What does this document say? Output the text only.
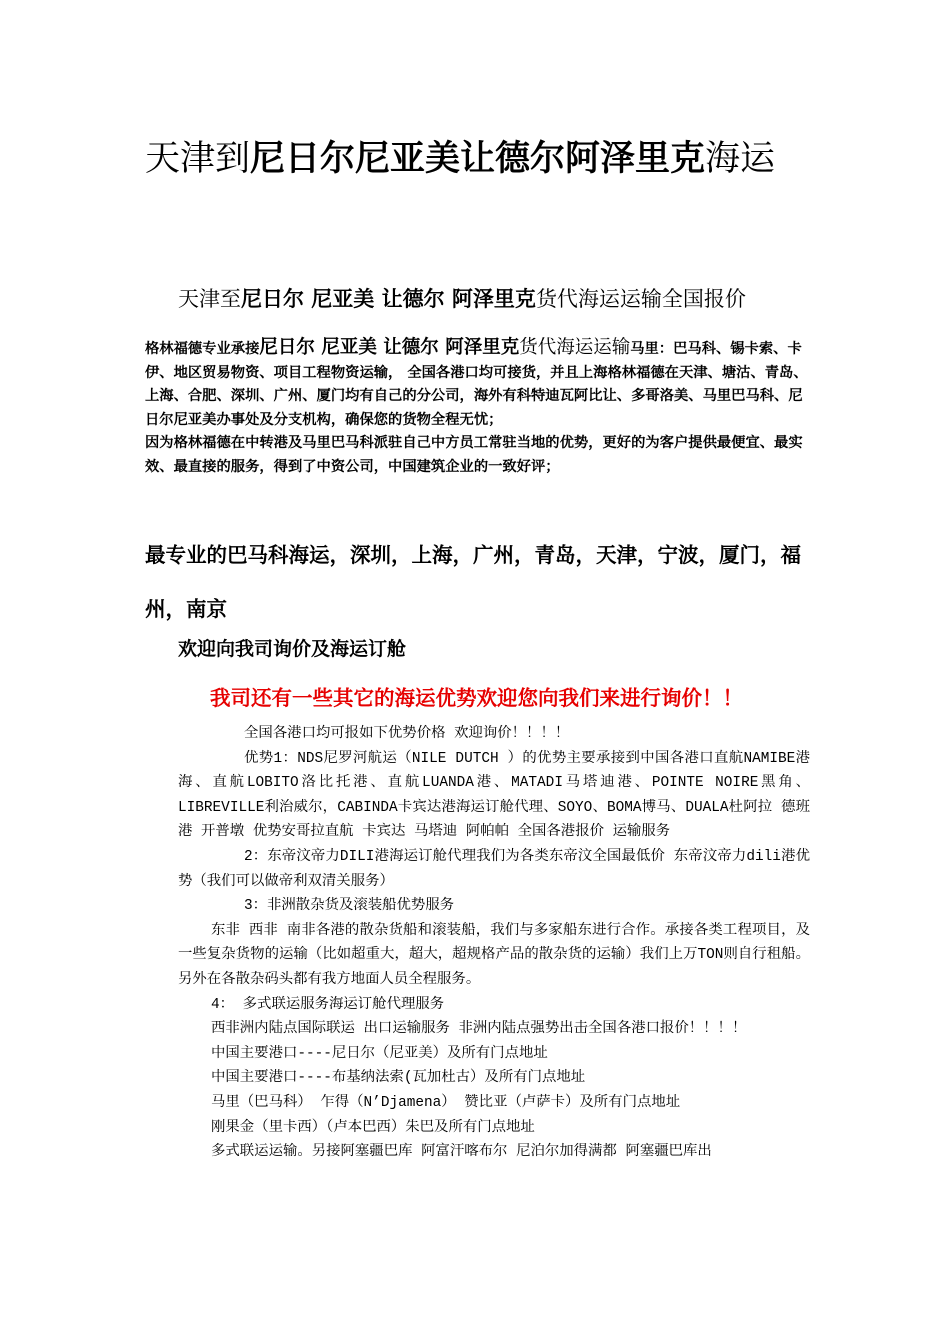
天津到尼日尔尼亚美让德尔阿泽里克海运
天津至尼日尔 尼亚美 让德尔 阿泽里克货代海运运输全国报价
格林福德专业承接尼日尔 尼亚美 让德尔 阿泽里克货代海运运输马里：巴马科、锡卡索、卡伊、地区贸易物资、项目工程物资运输， 全国各港口均可接货，并且上海格林福德在天津、塘沽、青岛、上海、合肥、深圳、广州、厦门均有自己的分公司，海外有科特迪瓦阿比让、多哥洛美、马里巴马科、尼日尔尼亚美办事处及分支机构，确保您的货物全程无忧；
因为格林福德在中转港及马里巴马科派驻自己中方员工常驻当地的优势，更好的为客户提供最便宜、最实效、最直接的服务，得到了中资公司，中国建筑企业的一致好评；
最专业的巴马科海运，深圳，上海，广州，青岛，天津，宁波，厦门，福州，南京
欢迎向我司询价及海运订舱
我司还有一些其它的海运优势欢迎您向我们来进行询价！！

全国各港口均可报如下优势价格 欢迎询价！！！！

优势1：NDS尼罗河航运（NILE DUTCH ）的优势主要承接到中国各港口直航NAMIBE港海、直航LOBITO洛比托港、直航LUANDA港、MATADI马塔迪港、POINTE NOIRE黑角、LIBREVILLE利治威尔，CABINDA卡宾达港海运订舱代理、SOYO、BOMA博马、DUALA杜阿拉 德班港 开普墩 优势安哥拉直航 卡宾达 马塔迪 阿帕帕 全国各港报价 运输服务

2：东帝汶帝力DILI港海运订舱代理我们为各类东帝汶全国最低价 东帝汶帝力dili港优势（我们可以做帝利双清关服务）

3：非洲散杂货及滚装船优势服务

东非 西非 南非各港的散杂货船和滚装船，我们与多家船东进行合作。承接各类工程项目，及一些复杂货物的运输（比如超重大，超大，超规格产品的散杂货的运输）我们上万TON则自行租船。另外在各散杂码头都有我方地面人员全程服务。

4： 多式联运服务海运订舱代理服务

西非洲内陆点国际联运 出口运输服务 非洲内陆点强势出击全国各港口报价！！！！

中国主要港口----尼日尔（尼亚美）及所有门点地址

中国主要港口----布基纳法索(瓦加杜古）及所有门点地址

马里（巴马科） 乍得（N’Djamena） 赞比亚（卢萨卡）及所有门点地址

刚果金（里卡西）（卢本巴西）朱巴及所有门点地址

多式联运运输。另接阿塞疆巴库 阿富汗喀布尔 尼泊尔加得满都 阿塞疆巴库出
